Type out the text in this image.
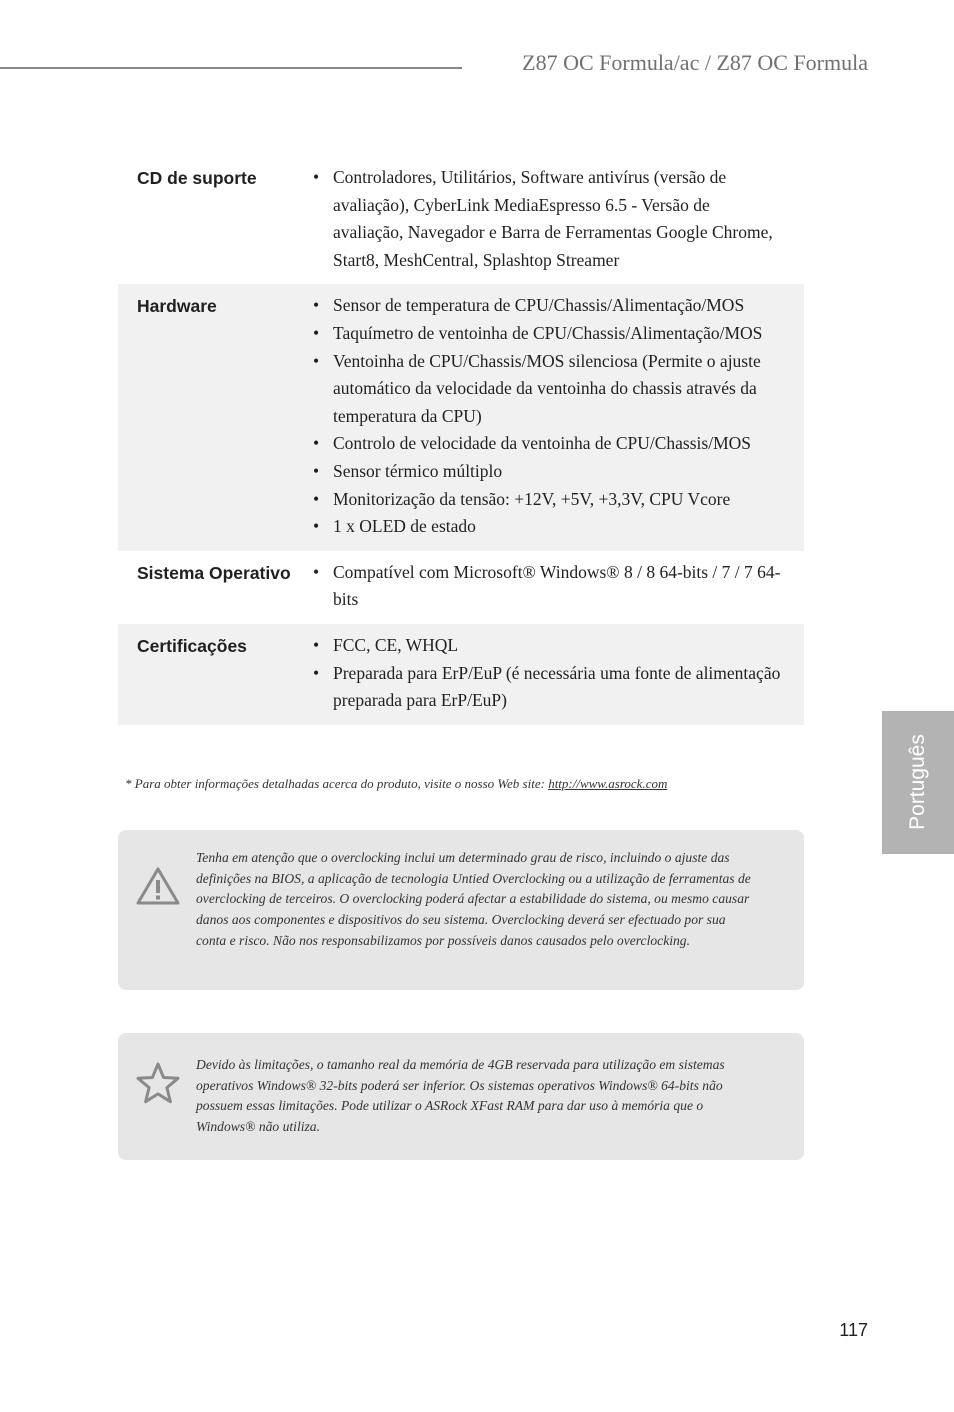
Z87 OC Formula/ac / Z87 OC Formula
CD de suporte	• Controladores, Utilitários, Software antivírus (versão de avaliação), CyberLink MediaEspresso 6.5 - Versão de avaliação, Navegador e Barra de Ferramentas Google Chrome, Start8, MeshCentral, Splashtop Streamer
Hardware	• Sensor de temperatura de CPU/Chassis/Alimentação/MOS
• Taquímetro de ventoinha de CPU/Chassis/Alimentação/MOS
• Ventoinha de CPU/Chassis/MOS silenciosa (Permite o ajuste automático da velocidade da ventoinha do chassis através da temperatura da CPU)
• Controlo de velocidade da ventoinha de CPU/Chassis/MOS
• Sensor térmico múltiplo
• Monitorização da tensão: +12V, +5V, +3,3V, CPU Vcore
• 1 x OLED de estado
Sistema Operativo • Compatível com Microsoft® Windows® 8 / 8 64-bits / 7 / 7 64-bits
Certificações	• FCC, CE, WHQL
• Preparada para ErP/EuP (é necessária uma fonte de alimentação preparada para ErP/EuP)
* Para obter informações detalhadas acerca do produto, visite o nosso Web site: http://www.asrock.com
Tenha em atenção que o overclocking inclui um determinado grau de risco, incluindo o ajuste das definições na BIOS, a aplicação de tecnologia Untied Overclocking ou a utilização de ferramentas de overclocking de terceiros. O overclocking poderá afectar a estabilidade do sistema, ou mesmo causar danos aos componentes e dispositivos do seu sistema. Overclocking deverá ser efectuado por sua conta e risco. Não nos responsabilizamos por possíveis danos causados pelo overclocking.
Devido às limitações, o tamanho real da memória de 4GB reservada para utilização em sistemas operativos Windows® 32-bits poderá ser inferior. Os sistemas operativos Windows® 64-bits não possuem essas limitações. Pode utilizar o ASRock XFast RAM para dar uso à memória que o Windows® não utiliza.
Português
117
